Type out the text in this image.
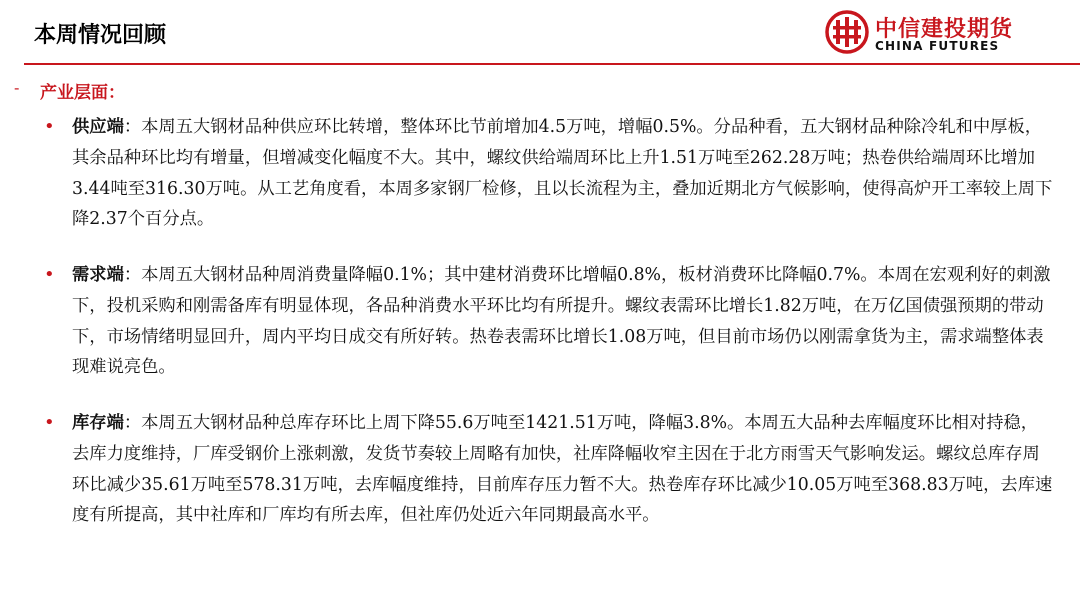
本周情况回顾	中信建投期货
CHINA FUTURES
- 产业层面：
• 供应端：本周五大钢材品种供应环比转增，整体环比节前增加4.5万吨，增幅0.5%。分品种看，五大钢材品种除冷轧和中厚板，其余品种环比均有增量，但增减变化幅度不大。其中，螺纹供给端周环比上升1.51万吨至262.28万吨；热卷供给端周环比增加3.44吨至316.30万吨。从工艺角度看，本周多家钢厂检修，且以长流程为主，叠加近期北方气候影响，使得高炉开工率较上周下降2.37个百分点。

• 需求端：本周五大钢材品种周消费量降幅0.1%；其中建材消费环比增幅0.8%，板材消费环比降幅0.7%。本周在宏观利好的刺激下，投机采购和刚需备库有明显体现，各品种消费水平环比均有所提升。螺纹表需环比增长1.82万吨，在万亿国债强预期的带动下，市场情绪明显回升，周内平均日成交有所好转。热卷表需环比增长1.08万吨，但目前市场仍以刚需拿货为主，需求端整体表现难说亮色。

• 库存端：本周五大钢材品种总库存环比上周下降55.6万吨至1421.51万吨，降幅3.8%。本周五大品种去库幅度环比相对持稳，去库力度维持，厂库受钢价上涨刺激，发货节奏较上周略有加快，社库降幅收窄主因在于北方雨雪天气影响发运。螺纹总库存周环比减少35.61万吨至578.31万吨，去库幅度维持，目前库存压力暂不大。热卷库存环比减少10.05万吨至368.83万吨，去库速度有所提高，其中社库和厂库均有所去库，但社库仍处近六年同期最高水平。
